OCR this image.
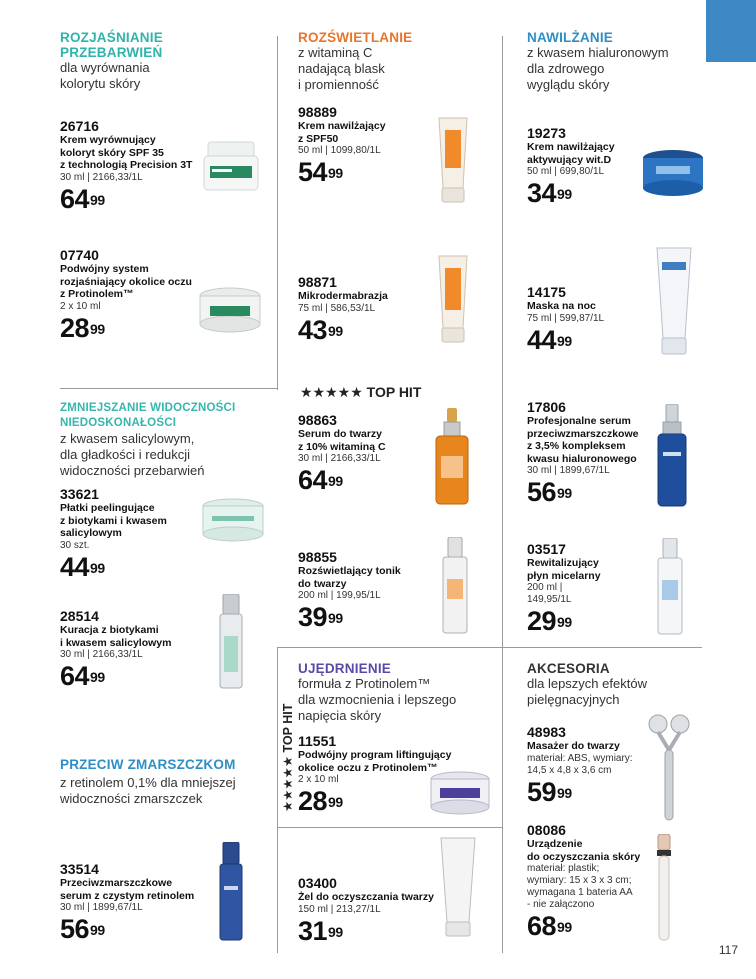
ROZJAŚNIANIE
PRZEBARWIEŃ
dla wyrównania
kolorytu skóry
26716
Krem wyrównujący
koloryt skóry SPF 35
z technologią Precision 3T
30 ml | 2166,33/1L
$64^{99}$
07740
Podwójny system
rozjaśniający okolice oczu
z Protinolem™
2 x 10 ml
$28^{99}$
ZMNIEJSZANIE WIDOCZNOŚCI
NIEDOSKONAŁOŚCI
z kwasem salicylowym,
dla gładkości i redukcji
widoczności przebarwień
33621
Płatki peelingujące
z biotykami i kwasem
salicylowym
30 szt.
$44^{99}$
28514
Kuracja z biotykami
i kwasem salicylowym
30 ml | 2166,33/1L
$64^{99}$
PRZECIW ZMARSZCZKOM
z retinolem 0,1% dla mniejszej
widoczności zmarszczek
33514
Przeciwzmarszczkowe
serum z czystym retinolem
30 ml | 1899,67/1L
$56^{99}$
ROZŚWIETLANIE
z witaminą C
nadającą blask
i promienność
98889
Krem nawilżający
z SPF50
50 ml | 1099,80/1L
$54^{99}$
98871
Mikrodermabrazja
75 ml | 586,53/1L
$43^{99}$
★★★★★ TOP HIT
98863
Serum do twarzy
z 10% witaminą C
30 ml | 2166,33/1L
$64^{99}$
98855
Rozświetlający tonik
do twarzy
200 ml | 199,95/1L
$39^{99}$
UJĘDRNIENIE
formuła z Protinolem™
dla wzmocnienia i lepszego
napięcia skóry
★★★★★ TOP HIT 11551
Podwójny program liftingujący
okolice oczu z Protinolem™
2 x 10 ml
$28^{99}$
03400
Żel do oczyszczania twarzy
150 ml | 213,27/1L
$31^{99}$
NAWILŻANIE
z kwasem hialuronowym
dla zdrowego
wyglądu skóry
19273
Krem nawilżający
aktywujący wit.D
50 ml | 699,80/1L
$34^{99}$
14175
Maska na noc
75 ml | 599,87/1L
$44^{99}$
17806
Profesjonalne serum
przeciwzmarszczkowe
z 3,5% kompleksem
kwasu hialuronowego
30 ml | 1899,67/1L
$56^{99}$
03517
Rewitalizujący
płyn micelarny
200 ml |
149,95/1L
$29^{99}$
AKCESORIA
dla lepszych efektów
pielęgnacyjnych
48983
Masażer do twarzy
materiał: ABS, wymiary:
14,5 x 4,8 x 3,6 cm
$59^{99}$
08086
Urządzenie
do oczyszczania skóry
materiał: plastik;
wymiary: 15 x 3 x 3 cm;
wymagana 1 bateria AA
- nie załączono
$68^{99}$
117
